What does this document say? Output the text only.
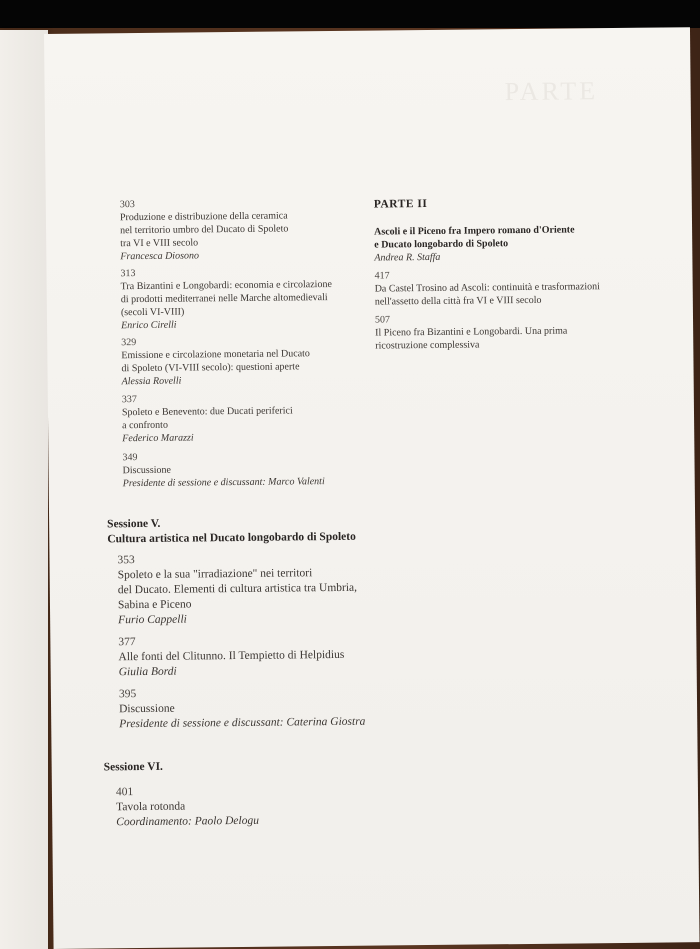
PARTE
303
Produzione e distribuzione della ceramica
nel territorio umbro del Ducato di Spoleto
tra VI e VIII secolo
Francesca Diosono
313
Tra Bizantini e Longobardi: economia e circolazione
di prodotti mediterranei nelle Marche altomedievali
(secoli VI-VIII)
Enrico Cirelli
329
Emissione e circolazione monetaria nel Ducato
di Spoleto (VI-VIII secolo): questioni aperte
Alessia Rovelli
337
Spoleto e Benevento: due Ducati periferici
a confronto
Federico Marazzi
349
Discussione
Presidente di sessione e discussant: Marco Valenti
Sessione V.
Cultura artistica nel Ducato longobardo di Spoleto
353
Spoleto e la sua "irradiazione" nei territori
del Ducato. Elementi di cultura artistica tra Umbria,
Sabina e Piceno
Furio Cappelli
377
Alle fonti del Clitunno. Il Tempietto di Helpidius
Giulia Bordi
395
Discussione
Presidente di sessione e discussant: Caterina Giostra
Sessione VI.
401
Tavola rotonda
Coordinamento: Paolo Delogu
PARTE II
Ascoli e il Piceno fra Impero romano d'Oriente
e Ducato longobardo di Spoleto
Andrea R. Staffa
417
Da Castel Trosino ad Ascoli: continuità e trasformazioni
nell'assetto della città fra VI e VIII secolo
507
Il Piceno fra Bizantini e Longobardi. Una prima
ricostruzione complessiva
